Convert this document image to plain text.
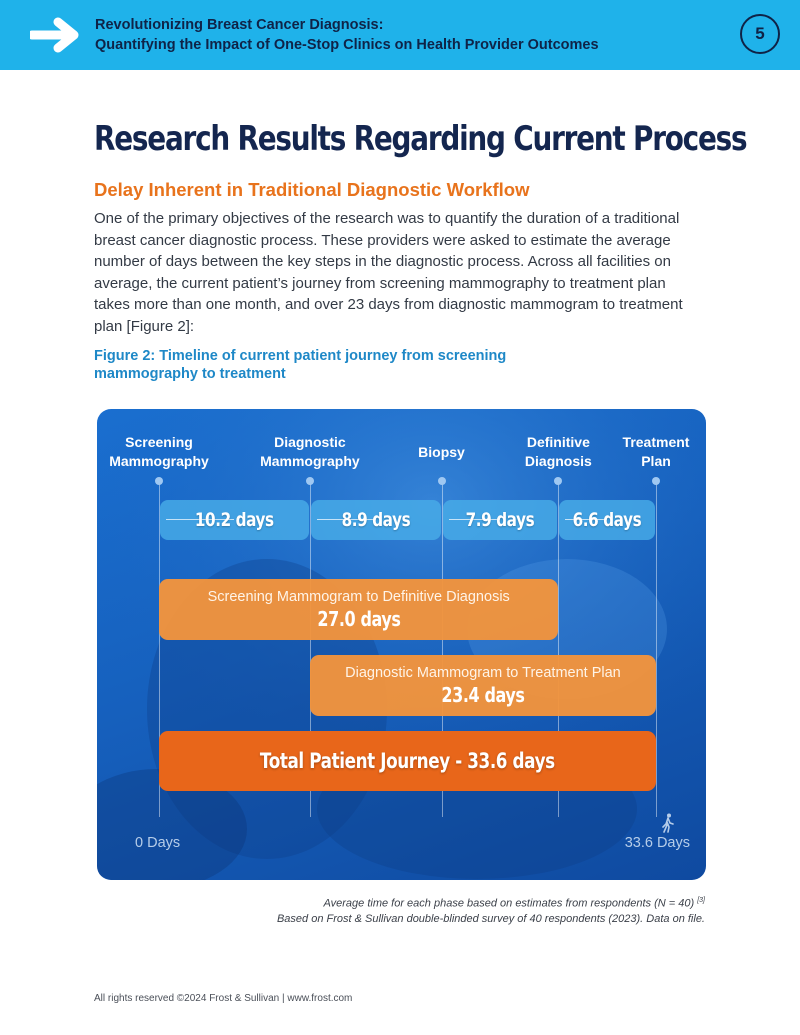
Revolutionizing Breast Cancer Diagnosis:
Quantifying the Impact of One-Stop Clinics on Health Provider Outcomes
5
Research Results Regarding Current Process
Delay Inherent in Traditional Diagnostic Workflow
One of the primary objectives of the research was to quantify the duration of a traditional breast cancer diagnostic process. These providers were asked to estimate the average number of days between the key steps in the diagnostic process. Across all facilities on average, the current patient’s journey from screening mammography to treatment plan takes more than one month, and over 23 days from diagnostic mammogram to treatment plan [Figure 2]:
Figure 2: Timeline of current patient journey from screening
mammography to treatment
Screening
Mammography
Diagnostic
Mammography
Biopsy
Definitive
Diagnosis
Treatment
Plan
10.2 days	8.9 days	7.9 days 6.6 days
Screening Mammogram to Definitive Diagnosis
27.0 days
Diagnostic Mammogram to Treatment Plan
23.4 days
Total Patient Journey - 33.6 days
0 Days	33.6 Days
Average time for each phase based on estimates from respondents (N = 40) [3]
Based on Frost & Sullivan double-blinded survey of 40 respondents (2023). Data on file.
All rights reserved ©2024 Frost & Sullivan | www.frost.com
